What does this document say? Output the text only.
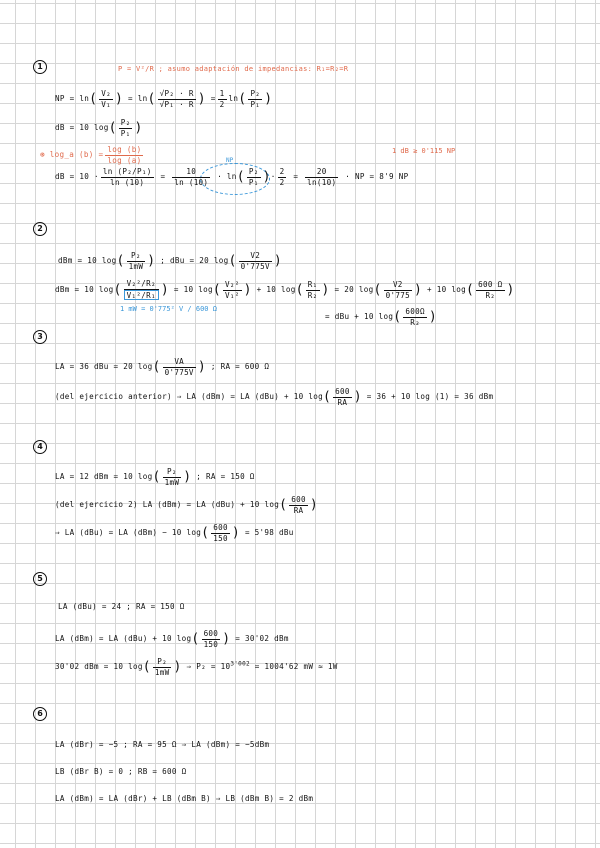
1	P = V²/R ; asumo adaptación de impedancias: R₁=R₂=R
NP = $\ln( \frac{\text{V₂}}{\text{V₁}}$ ) = $\ln( \frac{\text{√P₂ · R}}{\text{√P₁ · R}}$ ) = $\frac{1}{2} \ln( \frac{\text{P₂}}{\text{P₁}}$ )
dB = 10 $\log( \frac{\text{P₂}}{\text{P₁}}$ )
⊛ log_a $(b) = \frac{\log (b)}{\log (a)}$	1 dB ≥ 0'115 NP
NP
dB = $10 \cdot \frac{\text{ln (P₂/P₁)}}{\ln (10)} = \frac{10}{\ln (10)} \cdot \ln( \frac{\text{P₂}}{\text{P₁}}$ )· $\frac{2}{2} = \frac{20}{\ln(10)}$ · NP = 8'9 NP
2
dBm = 10 $\log( \frac{\text{P₂}}{1mW}$ ) ; dBu = 20 $\log( \frac{V2}{0'775V}$ )
dBm = 10 $\log( \frac{\text{V₂²/R₂}}{\text{V₁²/R₁}}$ ) = 10 $\log( \frac{\text{V₂²}}{\text{V₁²}}$ ) + 10 $\log( \frac{\text{R₁}}{\text{R₂}}$ ) = 20 $\log( \frac{V2}{0'775}$ ) + 10 $\log( \frac{600 \Omega}{\text{R₂}}$ )
1 mW = 0'775² V / 600 Ω
= dBu + 10 $\log( \frac{600\Omega}{\text{R₂}}$ )
3
LA = 36 dBu = 20 $\log( \frac{VA}{0'775V}$ ) ; RA = 600 Ω
(del ejercicio anterior) ⇒ LA (dBm) = LA (dBu) + 10 $\log( \frac{600}{RA}$ ) = 36 + 10 log (1) = 36 dBm
4
LA = 12 dBm = 10 $\log( \frac{\text{P₂}}{1mW}$ ) ; RA = 150 Ω
(del ejercicio 2) LA (dBm) = LA (dBu) + 10 $\log( \frac{600}{RA}$ )
⇒ LA (dBu) = LA (dBm) − 10 $\log( \frac{600}{150}$ ) = 5'98 dBu
5
LA (dBu) = 24 ; RA = 150 Ω
LA (dBm) = LA (dBu) + 10 $\log( \frac{600}{150}$ ) = 30'02 dBm
30'02 dBm = 10 $\log( \frac{\text{P₂}}{1mW}$ ) ⇒ $P_2 = 10^{3'002} = 1004'62$ mW ≈ 1W
6
LA (dBr) = −5 ; RA = 95 Ω ⇒ LA (dBm) = −5dBm
LB (dBr B) = 0 ; RB = 600 Ω
LA (dBm) = LA (dBr) + LB (dBm B) ⇒ LB (dBm B) = 2 dBm
